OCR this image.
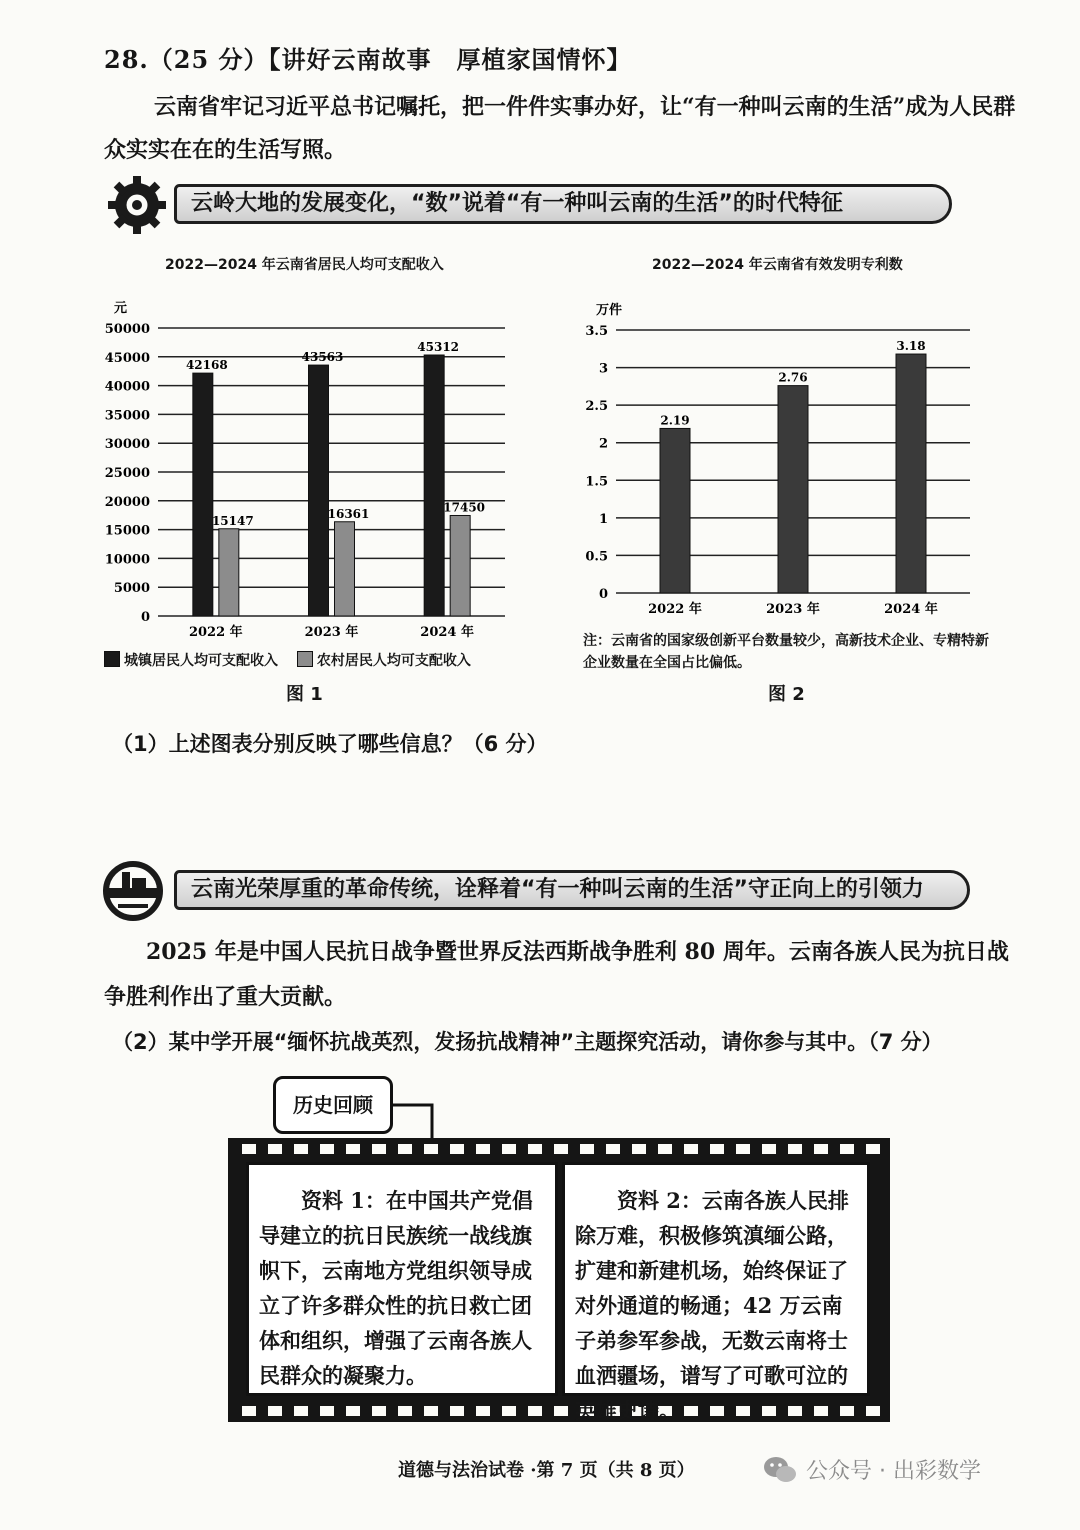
28.（25 分）【讲好云南故事　厚植家国情怀】
云南省牢记习近平总书记嘱托，把一件件实事办好，让“有一种叫云南的生活”成为人民群众实实在在的生活写照。
云岭大地的发展变化，“数”说着“有一种叫云南的生活”的时代特征
2022—2024 年云南省居民人均可支配收入
元
0
5000
10000
15000
20000
25000
30000
35000
40000
45000
50000
42168
15147
2022 年
43563
16361
2023 年
45312
17450
2024 年
城镇居民人均可支配收入	农村居民人均可支配收入
图 1
2022—2024 年云南省有效发明专利数
万件
0
0.5
1
1.5
2
2.5
3
3.5
2.19
2022 年
2.76
2023 年
3.18
2024 年
注：云南省的国家级创新平台数量较少，高新技术企业、专精特新企业数量在全国占比偏低。
图 2
（1）上述图表分别反映了哪些信息？（6 分）
云南光荣厚重的革命传统，诠释着“有一种叫云南的生活”守正向上的引领力
2025 年是中国人民抗日战争暨世界反法西斯战争胜利 80 周年。云南各族人民为抗日战争胜利作出了重大贡献。
（2）某中学开展“缅怀抗战英烈，发扬抗战精神”主题探究活动，请你参与其中。（7 分）
历史回顾

资料 1：在中国共产党倡导建立的抗日民族统一战线旗帜下，云南地方党组织领导成立了许多群众性的抗日救亡团体和组织，增强了云南各族人民群众的凝聚力。

资料 2：云南各族人民排除万难，积极修筑滇缅公路，扩建和新建机场，始终保证了对外通道的畅通；42 万云南子弟参军参战，无数云南将士血洒疆场，谱写了可歌可泣的英雄史诗。

道德与法治试卷 ·第 7 页（共 8 页）	公众号 · 出彩数学
